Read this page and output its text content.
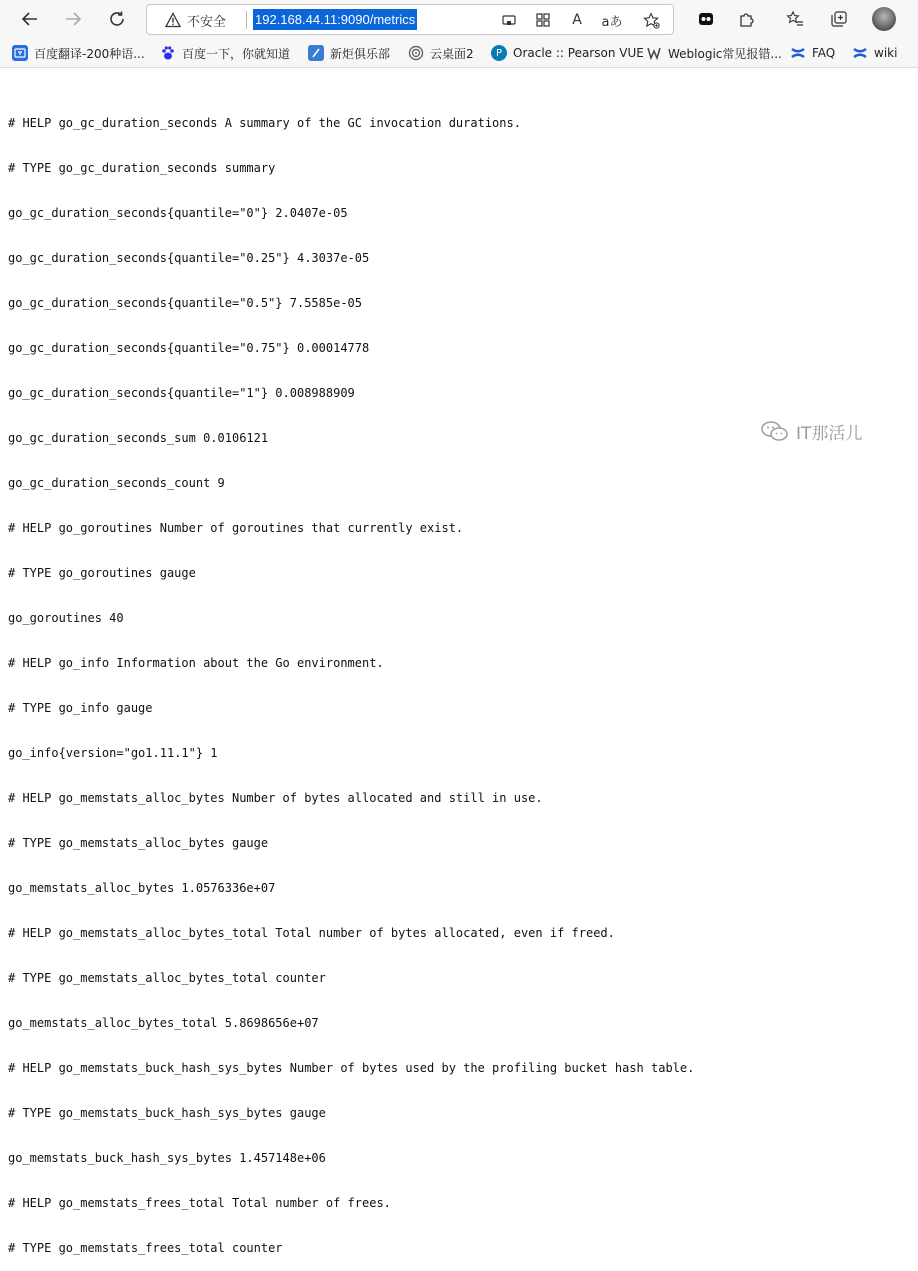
不安全 192.168.44.11:9090/metrics	A	aあ
百度翻译-200种语...	百度一下，你就知道	新炬俱乐部	云桌面2	P Oracle :: Pearson VUE Weblogic常见报错...	FAQ	wiki

# HELP go_gc_duration_seconds A summary of the GC invocation durations.

# TYPE go_gc_duration_seconds summary

go_gc_duration_seconds{quantile="0"} 2.0407e-05

go_gc_duration_seconds{quantile="0.25"} 4.3037e-05

go_gc_duration_seconds{quantile="0.5"} 7.5585e-05

go_gc_duration_seconds{quantile="0.75"} 0.00014778

go_gc_duration_seconds{quantile="1"} 0.008988909

go_gc_duration_seconds_sum 0.0106121

go_gc_duration_seconds_count 9

# HELP go_goroutines Number of goroutines that currently exist.

# TYPE go_goroutines gauge

go_goroutines 40

# HELP go_info Information about the Go environment.

# TYPE go_info gauge

go_info{version="go1.11.1"} 1

# HELP go_memstats_alloc_bytes Number of bytes allocated and still in use.

# TYPE go_memstats_alloc_bytes gauge

go_memstats_alloc_bytes 1.0576336e+07

# HELP go_memstats_alloc_bytes_total Total number of bytes allocated, even if freed.

# TYPE go_memstats_alloc_bytes_total counter

go_memstats_alloc_bytes_total 5.8698656e+07

# HELP go_memstats_buck_hash_sys_bytes Number of bytes used by the profiling bucket hash table.

# TYPE go_memstats_buck_hash_sys_bytes gauge

go_memstats_buck_hash_sys_bytes 1.457148e+06

# HELP go_memstats_frees_total Total number of frees.

# TYPE go_memstats_frees_total counter

IT那活儿
